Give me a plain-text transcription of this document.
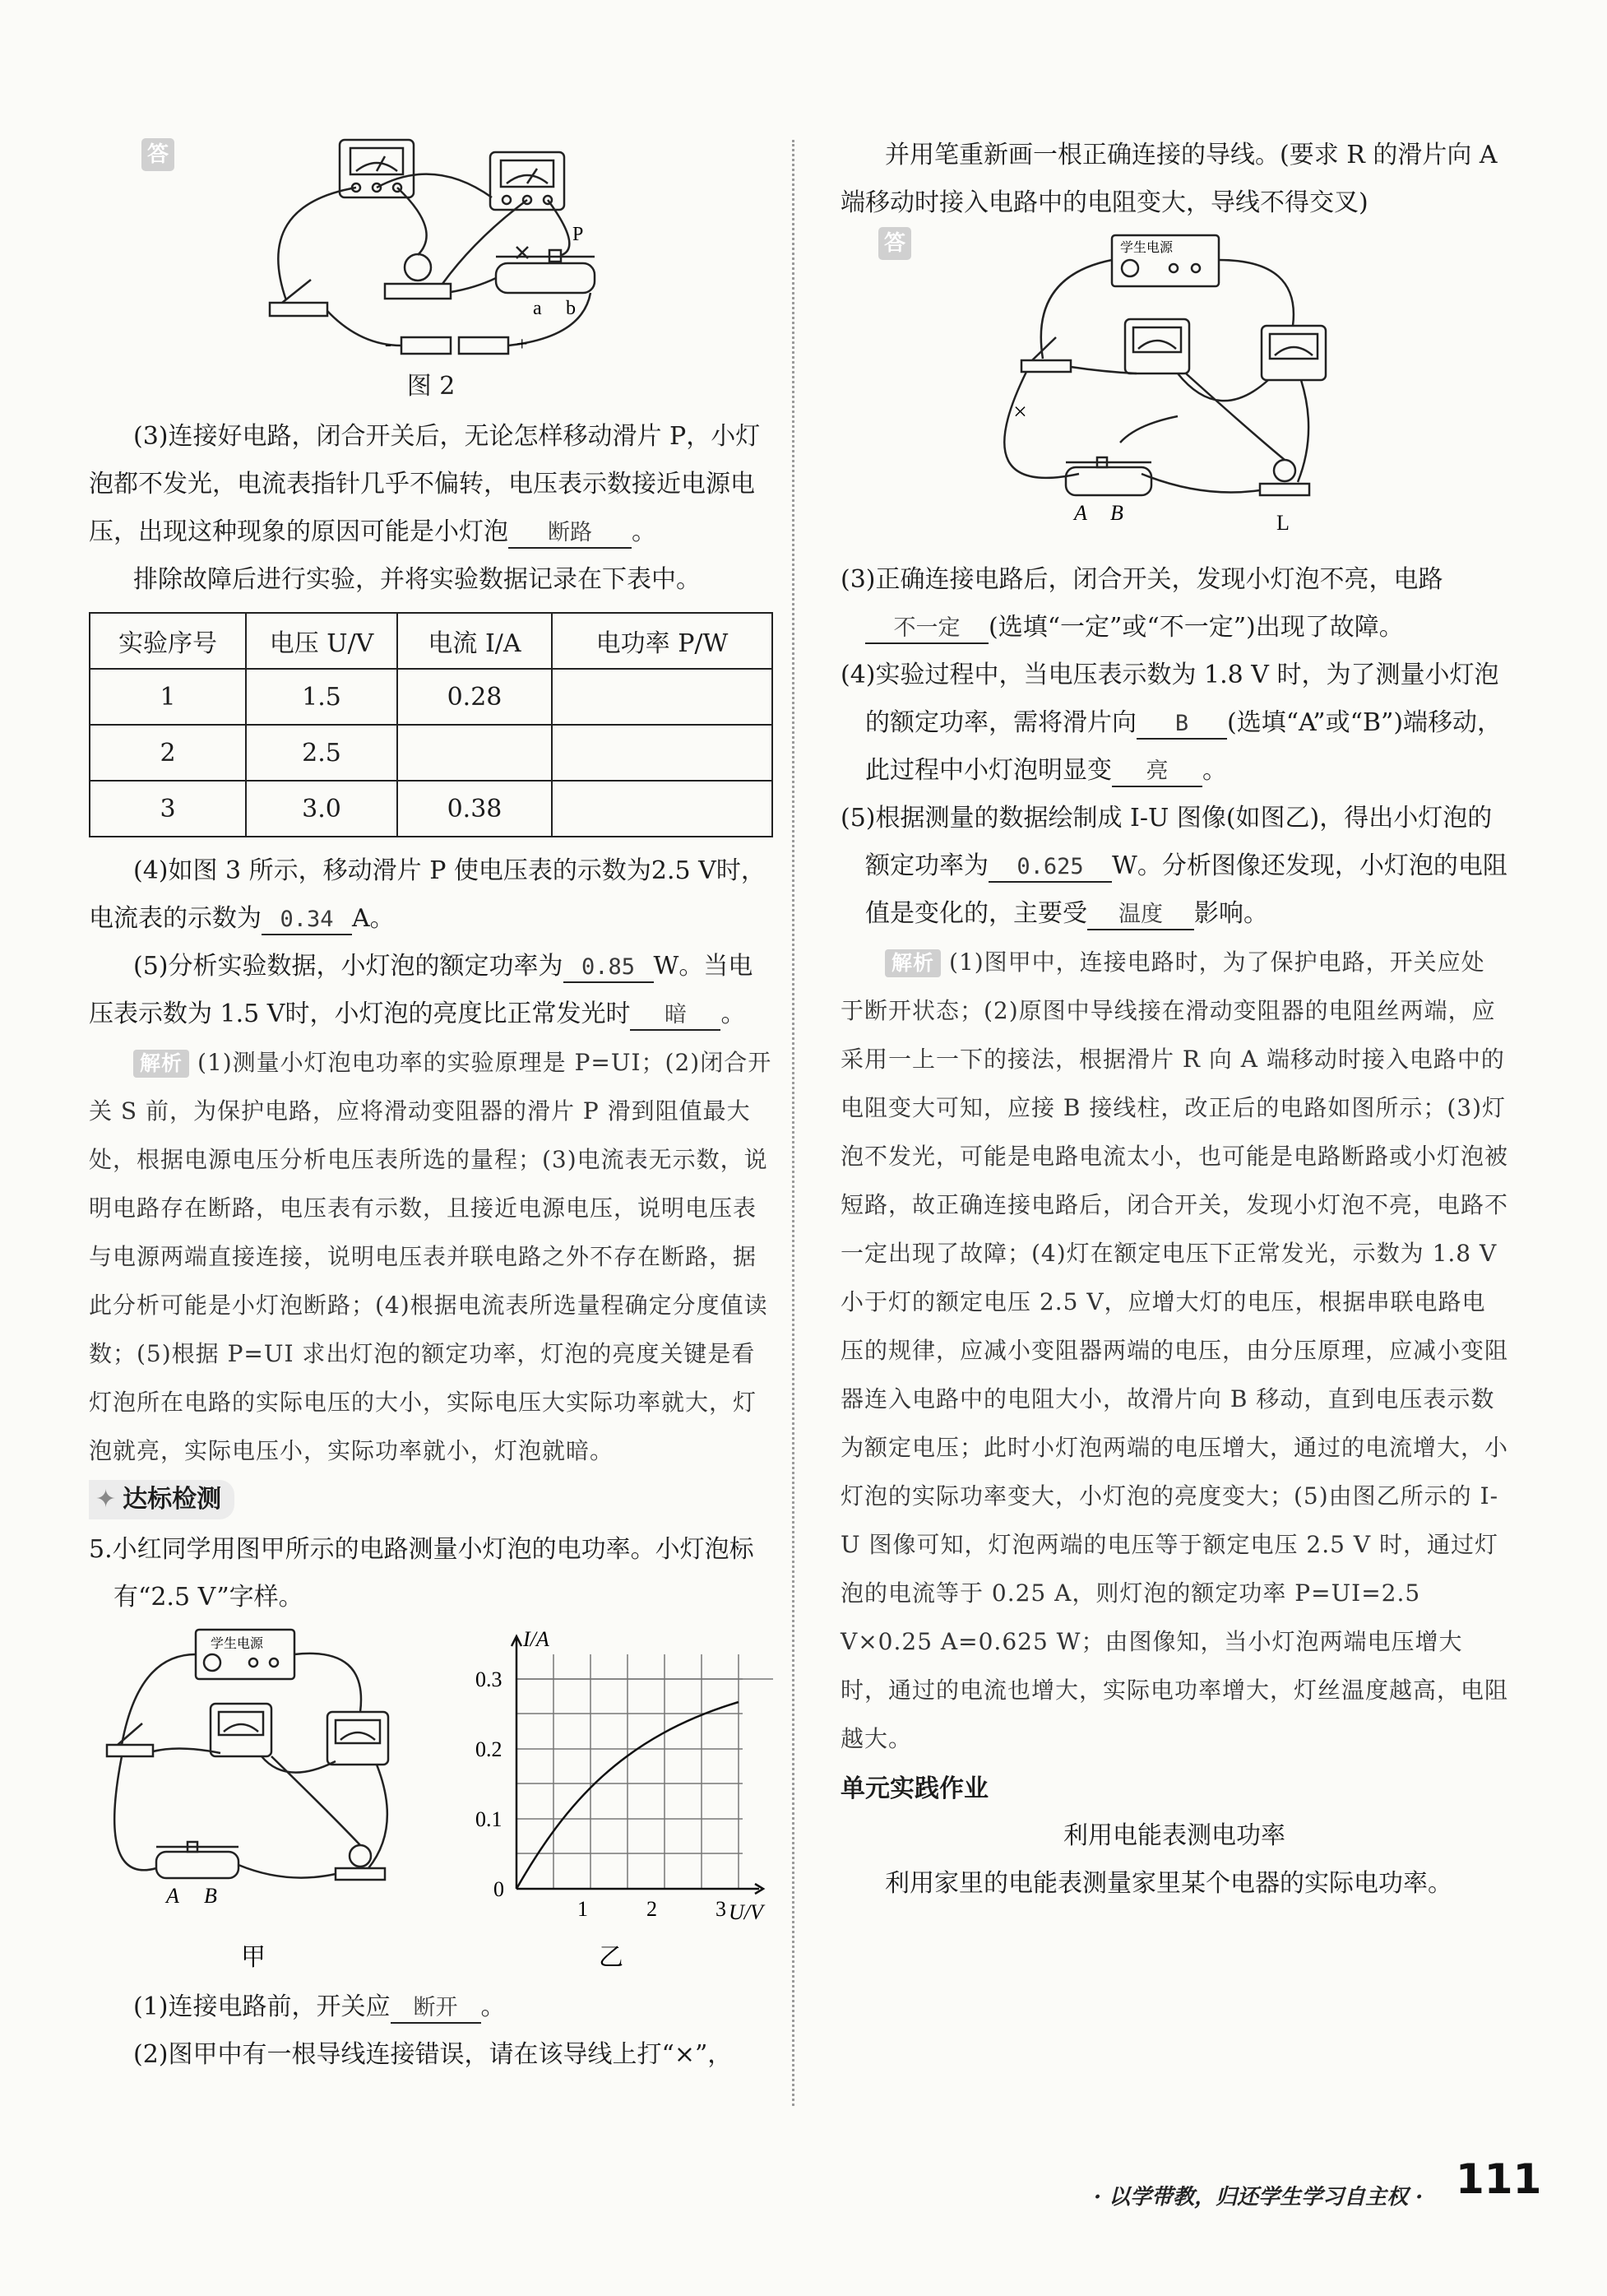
答
P
a b
-	+
图 2

(3)连接好电路，闭合开关后，无论怎样移动滑片 P，小灯泡都不发光，电流表指针几乎不偏转，电压表示数接近电源电压，出现这种现象的原因可能是小灯泡 断路 。

排除故障后进行实验，并将实验数据记录在下表中。

实验序号	电压 U/V	电流 I/A	电功率 P/W
1	1.5	0.28	
2	2.5		
3	3.0	0.38	

(4)如图 3 所示，移动滑片 P 使电压表的示数为2.5 V时，电流表的示数为 0.34 A。

(5)分析实验数据，小灯泡的额定功率为 0.85 W。当电压表示数为 1.5 V时，小灯泡的亮度比正常发光时 暗 。

解析 (1)测量小灯泡电功率的实验原理是 P=UI；(2)闭合开关 S 前，为保护电路，应将滑动变阻器的滑片 P 滑到阻值最大处，根据电源电压分析电压表所选的量程；(3)电流表无示数，说明电路存在断路，电压表有示数，且接近电源电压，说明电压表与电源两端直接连接，说明电压表并联电路之外不存在断路，据此分析可能是小灯泡断路；(4)根据电流表所选量程确定分度值读数；(5)根据 P=UI 求出灯泡的额定功率，灯泡的亮度关键是看灯泡所在电路的实际电压的大小，实际电压大实际功率就大，灯泡就亮，实际电压小，实际功率就小，灯泡就暗。

✦ 达标检测

5.小红同学用图甲所示的电路测量小灯泡的电功率。小灯泡标有“2.5 V”字样。

学生电源
A B
甲
I/A
U/V
0.3
0.2
0.1
0
1	2	3
乙

(1)连接电路前，开关应 断开 。

(2)图甲中有一根导线连接错误，请在该导线上打“×”，

并用笔重新画一根正确连接的导线。(要求 R 的滑片向 A 端移动时接入电路中的电阻变大，导线不得交叉)

答	学生电源
×
A B	L

(3)正确连接电路后，闭合开关，发现小灯泡不亮，电路不一定 (选填“一定”或“不一定”)出现了故障。

(4)实验过程中，当电压表示数为 1.8 V 时，为了测量小灯泡的额定功率，需将滑片向 B (选填“A”或“B”)端移动，此过程中小灯泡明显变 亮 。

(5)根据测量的数据绘制成 I-U 图像(如图乙)，得出小灯泡的额定功率为 0.625 W。分析图像还发现，小灯泡的电阻值是变化的，主要受 温度 影响。

解析 (1)图甲中，连接电路时，为了保护电路，开关应处于断开状态；(2)原图中导线接在滑动变阻器的电阻丝两端，应采用一上一下的接法，根据滑片 R 向 A 端移动时接入电路中的电阻变大可知，应接 B 接线柱，改正后的电路如图所示；(3)灯泡不发光，可能是电路电流太小，也可能是电路断路或小灯泡被短路，故正确连接电路后，闭合开关，发现小灯泡不亮，电路不一定出现了故障；(4)灯在额定电压下正常发光，示数为 1.8 V 小于灯的额定电压 2.5 V，应增大灯的电压，根据串联电路电压的规律，应减小变阻器两端的电压，由分压原理，应减小变阻器连入电路中的电阻大小，故滑片向 B 移动，直到电压表示数为额定电压；此时小灯泡两端的电压增大，通过的电流增大，小灯泡的实际功率变大，小灯泡的亮度变大；(5)由图乙所示的 I-U 图像可知，灯泡两端的电压等于额定电压 2.5 V 时，通过灯泡的电流等于 0.25 A，则灯泡的额定功率 P=UI=2.5 V×0.25 A=0.625 W；由图像知，当小灯泡两端电压增大时，通过的电流也增大，实际电功率增大，灯丝温度越高，电阻越大。

单元实践作业

利用电能表测电功率

利用家里的电能表测量家里某个电器的实际电功率。

· 以学带教，归还学生学习自主权 · 111
